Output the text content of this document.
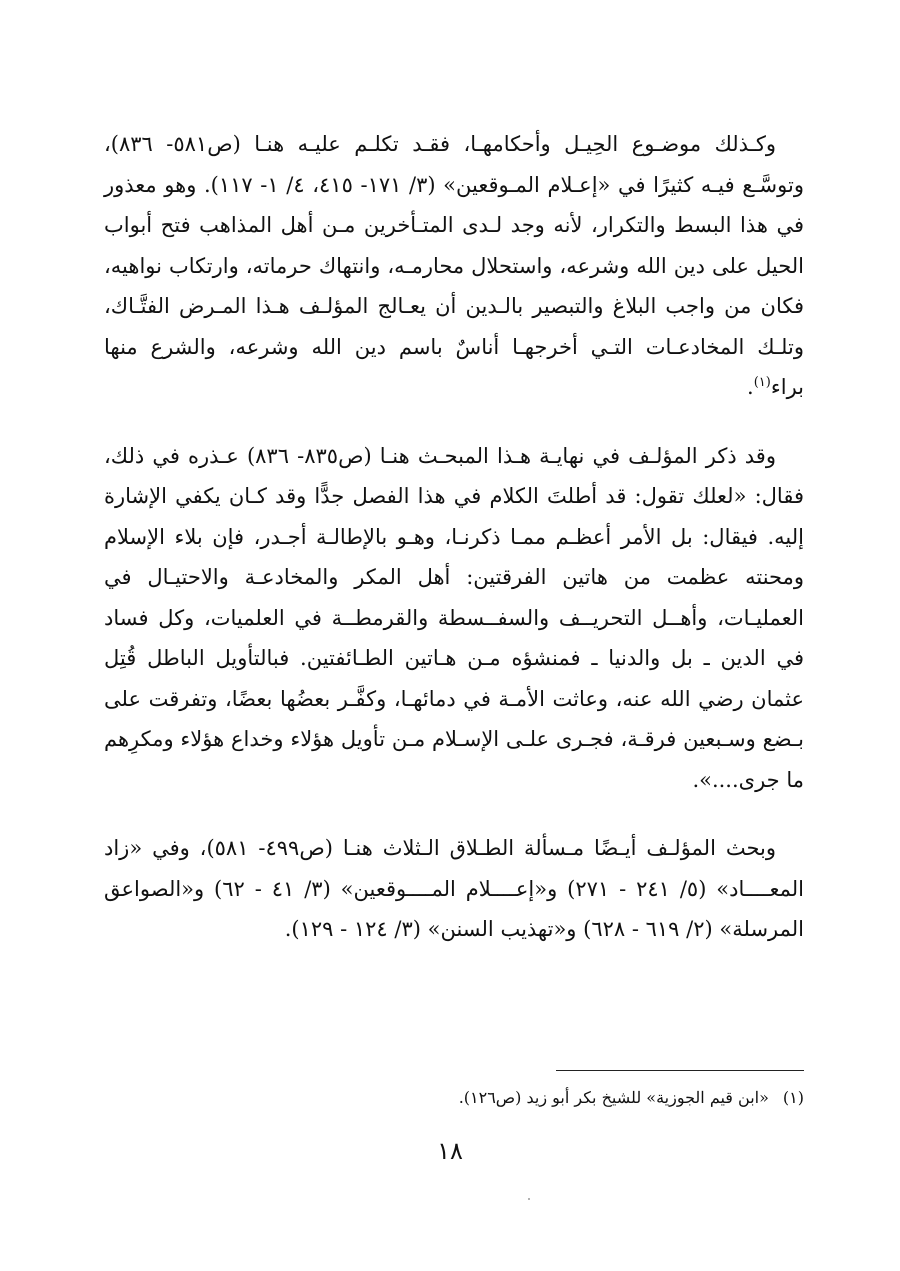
وكـذلك موضـوع الحِيـل وأحكامهـا، فقـد تكلـم عليـه هنـا (ص٥٨١- ٨٣٦)، وتوسَّـع فيـه كثيرًا في «إعـلام المـوقعين» (٣/ ١٧١- ٤١٥، ٤/ ١- ١١٧). وهو معذور في هذا البسط والتكرار، لأنه وجد لـدى المتـأخرين مـن أهل المذاهب فتح أبواب الحيل على دين الله وشرعه، واستحلال محارمـه، وانتهاك حرماته، وارتكاب نواهيه، فكان من واجب البلاغ والتبصير بالـدين أن يعـالج المؤلـف هـذا المـرض الفتَّـاك، وتلـك المخادعـات التـي أخرجهـا أناسٌ باسم دين الله وشرعه، والشرع منها براء$^{(١)}$.

وقد ذكر المؤلـف في نهايـة هـذا المبحـث هنـا (ص٨٣٥- ٨٣٦) عـذره في ذلك، فقال: «لعلك تقول: قد أطلتَ الكلام في هذا الفصل جدًّا وقد كـان يكفي الإشارة إليه. فيقال: بل الأمر أعظـم ممـا ذكرنـا، وهـو بالإطالـة أجـدر، فإن بلاء الإسلام ومحنته عظمت من هاتين الفرقتين: أهل المكر والمخادعـة والاحتيـال في العمليـات، وأهــل التحريــف والسفــسطة والقرمطــة في العلميات، وكل فساد في الدين ـ بل والدنيا ـ فمنشؤه مـن هـاتين الطـائفتين. فبالتأويل الباطل قُتِل عثمان رضي الله عنه، وعاثت الأمـة في دمائهـا، وكفَّـر بعضُها بعضًا، وتفرقت على بـضع وسـبعين فرقـة، فجـرى علـى الإسـلام مـن تأويل هؤلاء وخداع هؤلاء ومكرِهم ما جرى....».

وبحث المؤلـف أيـضًا مـسألة الطـلاق الـثلاث هنـا (ص٤٩٩- ٥٨١)، وفي «زاد المعــــاد» (٥/ ٢٤١ - ٢٧١) و«إعــــلام المــــوقعين» (٣/ ٤١ - ٦٢) و«الصواعق المرسلة» (٢/ ٦١٩ - ٦٢٨) و«تهذيب السنن» (٣/ ١٢٤ - ١٢٩).

(١)«ابن قيم الجوزية» للشيخ بكر أبو زيد (ص١٢٦).
١٨
